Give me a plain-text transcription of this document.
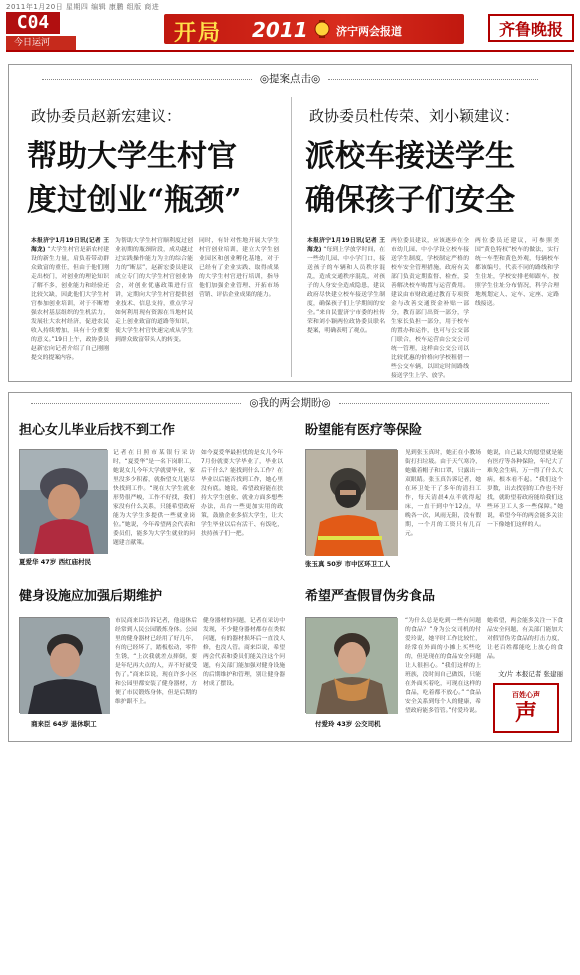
2011年1月20日 星期四 编辑 康鹏 组版 商进
C04
今日运河	开局 2011	济宁两会报道	齐鲁晚报
◎提案点击◎
政协委员赵新宏建议：
帮助大学生村官
度过创业“瓶颈”
本报济宁1月19日讯(记者 王海龙) “大学生村官是新农村建设的新生力量，肩负着带动群众致富的重任，但由于他们刚走出校门，对创业的理论知识了解不多，创业能力和经验还比较欠缺，因此他们大学生村官参加创业培训，对于不断增强农村基层组织的生机活力，发展壮大农村经济，促进农民收入持续增加，具有十分重要的意义。”19日上午，政协委员赵新宏向记者介绍了自己刚刚提交的提案内容。
为帮助大学生村官顺利度过创业初期的瓶颈阶段，成功越过过实践操作能力为主的综合能力的“断层”，赵新宏委员建议成立专门的大学生村官创业协会，对创业优惠政策进行宣讲，定期向大学生村官提供创业技术、信息支持，重点学习如何利用现有资源在当地村民走上创业致富的道路等知识，使大学生村官快速完成从学生到群众致富带头人的转变。
同时，有针对性地开展大学生村官创业培训，建立大学生创业园区和创业孵化基地，对于已经有了企业实践、取得成果的大学生村官进行培训，指导他们加强企业管理、开拓市场营销、评估企业成果的能力。
政协委员杜传荣、刘小颖建议：
派校车接送学生
确保孩子们安全
本报济宁1月19日讯(记者 王海龙) “每到上学放学时间，在一些幼儿园、中小学门口，接送孩子的车辆和人员秩序混乱，造成交通秩序混乱，对孩子的人身安全造成隐患，建议政府尽快建立校车接送学生制度，确保孩子们上学期间的安全。”来自民盟济宁市委的杜传荣和刘小颖两位政协委员联名提案，明确表明了观点。
两位委员建议，应该逐步在全市幼儿园、中小学设立校车接送学生制度，学校制定严格的校车安全管理措施，政府有关部门负责定期监督、检查，妥善解决校车购置与运营费用。建议由市财政通过教育专项资金与改善交通资金补贴一部分，教育部门出资一部分，学生家长负担一部分，用于校车的置办和运作，也可与公交部门联合，校车运营由公交公司统一管理，这样由公交公司以比较优惠的价格向学校租借一些公交车辆，以固定时间路线接送学生上学、放学。
两位委员还建议，可参照美国“黄色特权”校车的做法，实行统一车型和黄色外观，每辆校车都该编号，代表不同的路线和学生住址，学校安排老师跟车，按照学生住址分布情况，科学合理地规划定人、定车、定座、定路线接送。
◎我的两会期盼◎
担心女儿毕业后找不到工作
夏爱华 47岁 西红庙村民
记者在日照市某银行采访时，“夏爱华”是一名下岗职工，她说女儿今年大学就要毕业，家里没多少积蓄，就指望女儿能尽快找到工作。“现在大学生就业形势很严峻，工作不好找，我们家没有什么关系，只能希望政府能为大学生多提供一些就业岗位。”她说，今年希望两会代表和委员们，能多为大学生就业的问题建言献策。
如今夏爱华最担忧的是女儿今年7月份就要大学毕业了，毕业以后干什么？能找到什么工作？在毕业以后能否找到工作，她心里没有底。她说，希望政府能在扶持大学生创业、就业方面多想些办法，出台一些更加实用的政策，鼓励企业多招大学生，让大学生毕业以后有活干、有饭吃，扶持孩子们一把。
盼望能有医疗等保险
张玉真 50岁 市中区环卫工人
见到张玉真时，她正在小教场街打扫垃圾。由于天气寒冷，她戴着帽子和口罩，只露出一双眼睛。张玉真告诉记者，她在环卫处干了多年的清扫工作，每天清晨4点半就得起床，一直干到中午12点，早晚各一次，风雨无阻，没有假期，一个月的工资只有几百元。
她说，自己最大的愿望就是能有医疗等各种保险，年纪大了难免会生病，万一得了什么大病，根本看不起。“我们这个岁数，出去找别的工作也不好找，就盼望着政府能给我们这些环卫工人多一些保障。”她说，希望今年的两会能多关注一下像她们这样的人。
健身设施应加强后期维护
商来臣 64岁 退休职工
市民商来臣告诉记者，他退休后经常到人民公园锻炼身体。公园里的健身器材已经用了好几年，有的已经坏了，踏板松动，零件生锈，“上次我就差点摔倒，要是年纪再大点的人，弄不好就受伤了。”商来臣说，现在许多小区和公园里都安装了健身器材，方便了市民锻炼身体，但是后期的维护跟不上。
健身器材的问题，记者在采访中发现，不少健身器材都存在类似问题，有的器材损坏后一直没人修，也没人管。商来臣说，希望两会代表和委员们能关注这个问题，有关部门能加强对健身设施的后期维护和管理，别让健身器材成了摆设。
希望严查假冒伪劣食品
付爱玲 43岁 公交司机
“为什么总是吃到一些有问题的食品？”身为公交司机的付爱玲说，她平时工作比较忙，经常在外面的小摊上买些吃的，但是现在的食品安全问题让人很担心。“我们这样的上班族，没时间自己做饭，只能在外面买着吃，可现在这样的食品，吃着都不放心。” “食品安全关系到每个人的健康，希望政府能多管管。”付爱玲说。
她希望，两会能多关注一下食品安全问题，有关部门能加大对假冒伪劣食品的打击力度，让老百姓都能吃上放心的食品。
文/片 本报记者 张建丽
百姓心声
声
